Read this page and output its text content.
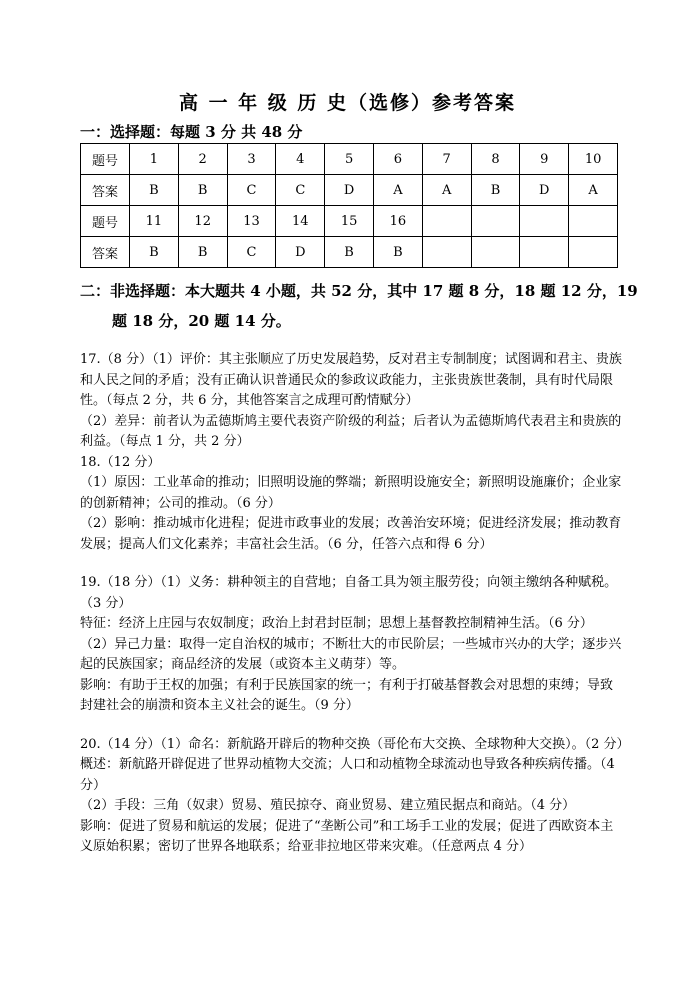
高 一 年 级 历 史（选修）参考答案
一：选择题：每题 3 分 共 48 分
题号	1	2	3	4	5	6	7	8	9	10
答案	B	B	C	C	D	A	A	B	D	A
题号	11	12	13	14	15	16				
答案	B	B	C	D	B	B				
二：非选择题：本大题共 4 小题，共 52 分，其中 17 题 8 分，18 题 12 分，19
题 18 分，20 题 14 分。

17.（8 分）（1）评价：其主张顺应了历史发展趋势，反对君主专制制度；试图调和君主、贵族和人民之间的矛盾；没有正确认识普通民众的参政议政能力，主张贵族世袭制，具有时代局限性。（每点 2 分，共 6 分，其他答案言之成理可酌情赋分）

（2）差异：前者认为孟德斯鸠主要代表资产阶级的利益；后者认为孟德斯鸠代表君主和贵族的利益。（每点 1 分，共 2 分）

18.（12 分）

（1）原因：工业革命的推动；旧照明设施的弊端；新照明设施安全；新照明设施廉价；企业家的创新精神；公司的推动。（6 分）

（2）影响：推动城市化进程；促进市政事业的发展；改善治安环境；促进经济发展；推动教育发展；提高人们文化素养；丰富社会生活。（6 分，任答六点和得 6 分）

19.（18 分）（1）义务：耕种领主的自营地；自备工具为领主服劳役；向领主缴纳各种赋税。（3 分）

特征：经济上庄园与农奴制度；政治上封君封臣制；思想上基督教控制精神生活。（6 分）

（2）异己力量：取得一定自治权的城市；不断壮大的市民阶层；一些城市兴办的大学；逐步兴起的民族国家；商品经济的发展（或资本主义萌芽）等。

影响：有助于王权的加强；有利于民族国家的统一；有利于打破基督教会对思想的束缚；导致封建社会的崩溃和资本主义社会的诞生。（9 分）

20.（14 分）（1）命名：新航路开辟后的物种交换（哥伦布大交换、全球物种大交换）。（2 分）

概述：新航路开辟促进了世界动植物大交流；人口和动植物全球流动也导致各种疾病传播。（4 分）

（2）手段：三角（奴隶）贸易、殖民掠夺、商业贸易、建立殖民据点和商站。（4 分）

影响：促进了贸易和航运的发展；促进了“垄断公司”和工场手工业的发展；促进了西欧资本主义原始积累；密切了世界各地联系；给亚非拉地区带来灾难。（任意两点 4 分）
